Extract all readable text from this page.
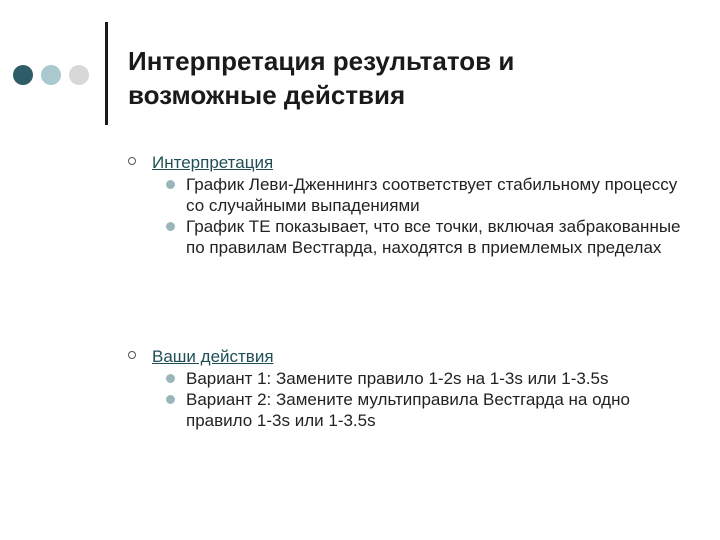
Интерпретация результатов и
возможные действия
Интерпретация
График Леви-Дженнингз соответствует стабильному процессу со случайными выпадениями
График ТЕ показывает, что все точки, включая забракованные по правилам Вестгарда, находятся в приемлемых пределах
Ваши действия
Вариант 1: Замените правило 1-2s на 1-3s или 1-3.5s
Вариант 2: Замените мультиправила Вестгарда на одно правило 1-3s или 1-3.5s
